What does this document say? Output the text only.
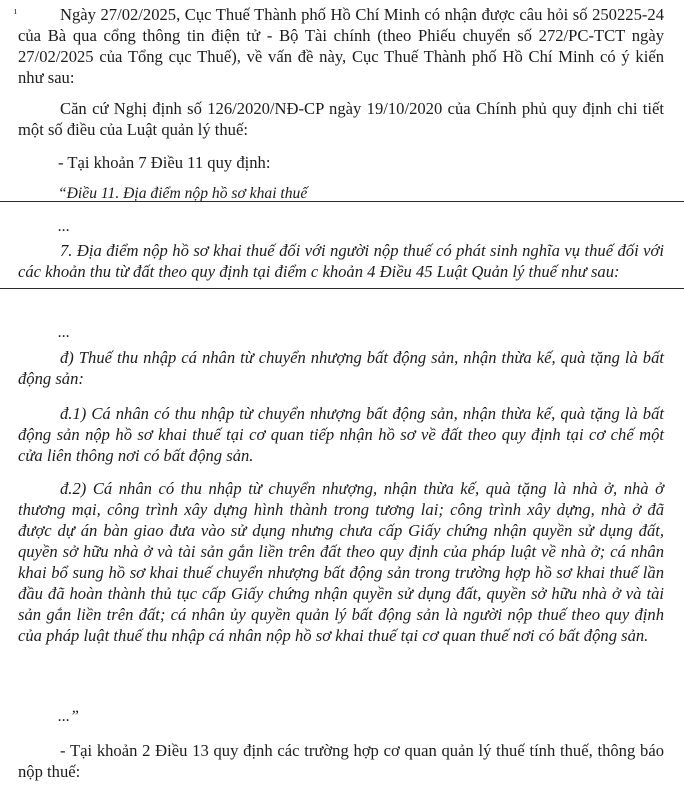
ı	Ngày 27/02/2025, Cục Thuế Thành phố Hồ Chí Minh có nhận được câu hỏi số 250225-24 của Bà qua cổng thông tin điện tử - Bộ Tài chính (theo Phiếu chuyển số 272/PC-TCT ngày 27/02/2025 của Tổng cục Thuế), về vấn đề này, Cục Thuế Thành phố Hồ Chí Minh có ý kiến như sau:

Căn cứ Nghị định số 126/2020/NĐ-CP ngày 19/10/2020 của Chính phủ quy định chi tiết một số điều của Luật quản lý thuế:

- Tại khoản 7 Điều 11 quy định:

“Điều 11. Địa điểm nộp hồ sơ khai thuế

...

7. Địa điểm nộp hồ sơ khai thuế đối với người nộp thuế có phát sinh nghĩa vụ thuế đối với các khoản thu từ đất theo quy định tại điểm c khoản 4 Điều 45 Luật Quản lý thuế như sau:

...

đ) Thuế thu nhập cá nhân từ chuyển nhượng bất động sản, nhận thừa kế, quà tặng là bất động sản:

đ.1) Cá nhân có thu nhập từ chuyển nhượng bất động sản, nhận thừa kế, quà tặng là bất động sản nộp hồ sơ khai thuế tại cơ quan tiếp nhận hồ sơ về đất theo quy định tại cơ chế một cửa liên thông nơi có bất động sản.

đ.2) Cá nhân có thu nhập từ chuyển nhượng, nhận thừa kế, quà tặng là nhà ở, nhà ở thương mại, công trình xây dựng hình thành trong tương lai; công trình xây dựng, nhà ở đã được dự án bàn giao đưa vào sử dụng nhưng chưa cấp Giấy chứng nhận quyền sử dụng đất, quyền sở hữu nhà ở và tài sản gắn liền trên đất theo quy định của pháp luật về nhà ở; cá nhân khai bổ sung hồ sơ khai thuế chuyển nhượng bất động sản trong trường hợp hồ sơ khai thuế lần đầu đã hoàn thành thủ tục cấp Giấy chứng nhận quyền sử dụng đất, quyền sở hữu nhà ở và tài sản gắn liền trên đất; cá nhân ủy quyền quản lý bất động sản là người nộp thuế theo quy định của pháp luật thuế thu nhập cá nhân nộp hồ sơ khai thuế tại cơ quan thuế nơi có bất động sản.

...”

- Tại khoản 2 Điều 13 quy định các trường hợp cơ quan quản lý thuế tính thuế, thông báo nộp thuế:
